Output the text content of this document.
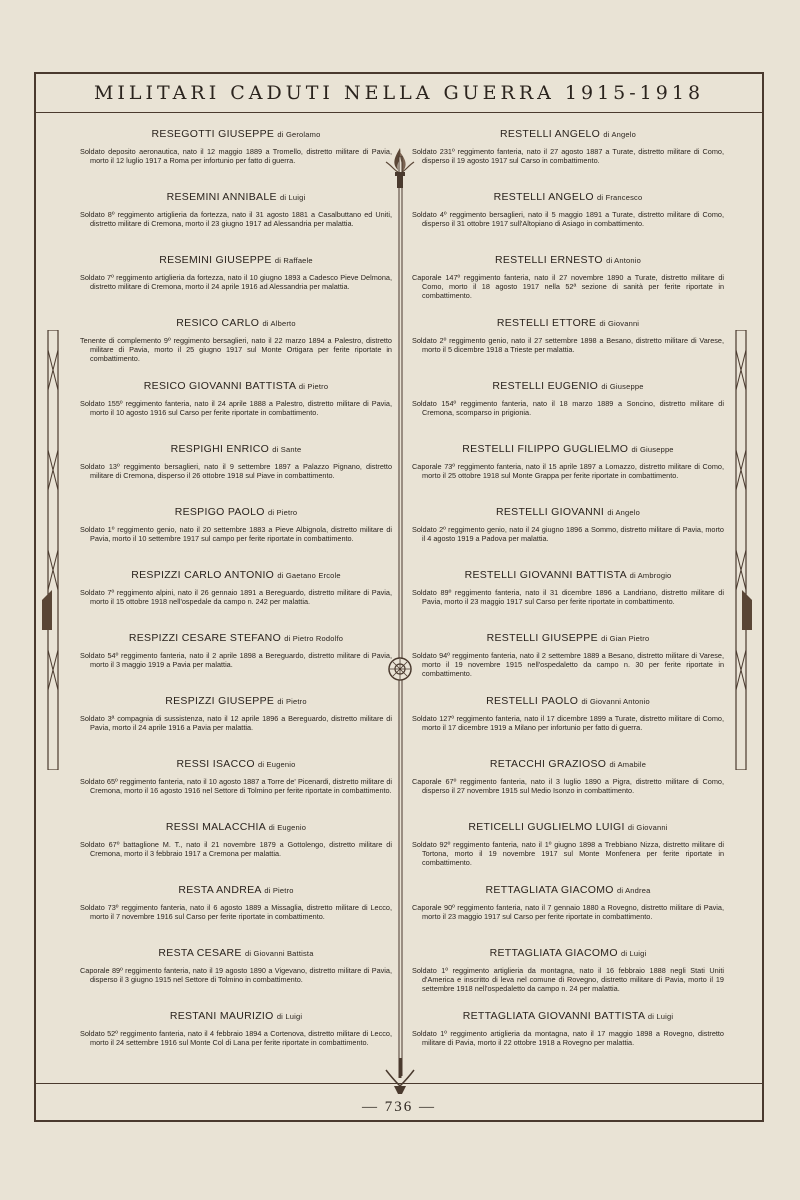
MILITARI CADUTI NELLA GUERRA 1915-1918
RESEGOTTI GIUSEPPE di Gerolamo
Soldato deposito aeronautica, nato il 12 maggio 1889 a Tromello, distretto militare di Pavia, morto il 12 luglio 1917 a Roma per infortunio per fatto di guerra.
RESEMINI ANNIBALE di Luigi
Soldato 8º reggimento artiglieria da fortezza, nato il 31 agosto 1881 a Casalbuttano ed Uniti, distretto militare di Cremona, morto il 23 giugno 1917 ad Alessandria per malattia.
RESEMINI GIUSEPPE di Raffaele
Soldato 7º reggimento artiglieria da fortezza, nato il 10 giugno 1893 a Cadesco Pieve Delmona, distretto militare di Cremona, morto il 24 aprile 1916 ad Alessandria per malattia.
RESICO CARLO di Alberto
Tenente di complemento 9º reggimento bersaglieri, nato il 22 marzo 1894 a Palestro, distretto militare di Pavia, morto il 25 giugno 1917 sul Monte Ortigara per ferite riportate in combattimento.
RESICO GIOVANNI BATTISTA di Pietro
Soldato 155º reggimento fanteria, nato il 24 aprile 1888 a Palestro, distretto militare di Pavia, morto il 10 agosto 1916 sul Carso per ferite riportate in combattimento.
RESPIGHI ENRICO di Sante
Soldato 13º reggimento bersaglieri, nato il 9 settembre 1897 a Palazzo Pignano, distretto militare di Cremona, disperso il 26 ottobre 1918 sul Piave in combattimento.
RESPIGO PAOLO di Pietro
Soldato 1º reggimento genio, nato il 20 settembre 1883 a Pieve Albignola, distretto militare di Pavia, morto il 10 settembre 1917 sul campo per ferite riportate in combattimento.
RESPIZZI CARLO ANTONIO di Gaetano Ercole
Soldato 7º reggimento alpini, nato il 26 gennaio 1891 a Bereguardo, distretto militare di Pavia, morto il 15 ottobre 1918 nell'ospedale da campo n. 242 per malattia.
RESPIZZI CESARE STEFANO di Pietro Rodolfo
Soldato 54º reggimento fanteria, nato il 2 aprile 1898 a Bereguardo, distretto militare di Pavia, morto il 3 maggio 1919 a Pavia per malattia.
RESPIZZI GIUSEPPE di Pietro
Soldato 3ª compagnia di sussistenza, nato il 12 aprile 1896 a Bereguardo, distretto militare di Pavia, morto il 24 aprile 1916 a Pavia per malattia.
RESSI ISACCO di Eugenio
Soldato 65º reggimento fanteria, nato il 10 agosto 1887 a Torre de' Picenardi, distretto militare di Cremona, morto il 16 agosto 1916 nel Settore di Tolmino per ferite riportate in combattimento.
RESSI MALACCHIA di Eugenio
Soldato 67º battaglione M. T., nato il 21 novembre 1879 a Gottolengo, distretto militare di Cremona, morto il 3 febbraio 1917 a Cremona per malattia.
RESTA ANDREA di Pietro
Soldato 73º reggimento fanteria, nato il 6 agosto 1889 a Missaglia, distretto militare di Lecco, morto il 7 novembre 1916 sul Carso per ferite riportate in combattimento.
RESTA CESARE di Giovanni Battista
Caporale 89º reggimento fanteria, nato il 19 agosto 1890 a Vigevano, distretto militare di Pavia, disperso il 3 giugno 1915 nel Settore di Tolmino in combattimento.
RESTANI MAURIZIO di Luigi
Soldato 52º reggimento fanteria, nato il 4 febbraio 1894 a Cortenova, distretto militare di Lecco, morto il 24 settembre 1916 sul Monte Col di Lana per ferite riportate in combattimento.
RESTELLI ANGELO di Angelo
Soldato 231º reggimento fanteria, nato il 27 agosto 1887 a Turate, distretto militare di Como, disperso il 19 agosto 1917 sul Carso in combattimento.
RESTELLI ANGELO di Francesco
Soldato 4º reggimento bersaglieri, nato il 5 maggio 1891 a Turate, distretto militare di Como, disperso il 31 ottobre 1917 sull'Altopiano di Asiago in combattimento.
RESTELLI ERNESTO di Antonio
Caporale 147º reggimento fanteria, nato il 27 novembre 1890 a Turate, distretto militare di Como, morto il 18 agosto 1917 nella 52ª sezione di sanità per ferite riportate in combattimento.
RESTELLI ETTORE di Giovanni
Soldato 2º reggimento genio, nato il 27 settembre 1898 a Besano, distretto militare di Varese, morto il 5 dicembre 1918 a Trieste per malattia.
RESTELLI EUGENIO di Giuseppe
Soldato 154º reggimento fanteria, nato il 18 marzo 1889 a Soncino, distretto militare di Cremona, scomparso in prigionia.
RESTELLI FILIPPO GUGLIELMO di Giuseppe
Caporale 73º reggimento fanteria, nato il 15 aprile 1897 a Lomazzo, distretto militare di Como, morto il 25 ottobre 1918 sul Monte Grappa per ferite riportate in combattimento.
RESTELLI GIOVANNI di Angelo
Soldato 2º reggimento genio, nato il 24 giugno 1896 a Sommo, distretto militare di Pavia, morto il 4 agosto 1919 a Padova per malattia.
RESTELLI GIOVANNI BATTISTA di Ambrogio
Soldato 89º reggimento fanteria, nato il 31 dicembre 1896 a Landriano, distretto militare di Pavia, morto il 23 maggio 1917 sul Carso per ferite riportate in combattimento.
RESTELLI GIUSEPPE di Gian Pietro
Soldato 94º reggimento fanteria, nato il 2 settembre 1889 a Besano, distretto militare di Varese, morto il 19 novembre 1915 nell'ospedaletto da campo n. 30 per ferite riportate in combattimento.
RESTELLI PAOLO di Giovanni Antonio
Soldato 127º reggimento fanteria, nato il 17 dicembre 1899 a Turate, distretto militare di Como, morto il 17 dicembre 1919 a Milano per infortunio per fatto di guerra.
RETACCHI GRAZIOSO di Amabile
Caporale 67º reggimento fanteria, nato il 3 luglio 1890 a Pigra, distretto militare di Como, disperso il 27 novembre 1915 sul Medio Isonzo in combattimento.
RETICELLI GUGLIELMO LUIGI di Giovanni
Soldato 92º reggimento fanteria, nato il 1º giugno 1898 a Trebbiano Nizza, distretto militare di Tortona, morto il 19 novembre 1917 sul Monte Monfenera per ferite riportate in combattimento.
RETTAGLIATA GIACOMO di Andrea
Caporale 90º reggimento fanteria, nato il 7 gennaio 1880 a Rovegno, distretto militare di Pavia, morto il 23 maggio 1917 sul Carso per ferite riportate in combattimento.
RETTAGLIATA GIACOMO di Luigi
Soldato 1º reggimento artiglieria da montagna, nato il 16 febbraio 1888 negli Stati Uniti d'America e inscritto di leva nel comune di Rovegno, distretto militare di Pavia, morto il 19 settembre 1918 nell'ospedaletto da campo n. 24 per malattia.
RETTAGLIATA GIOVANNI BATTISTA di Luigi
Soldato 1º reggimento artiglieria da montagna, nato il 17 maggio 1898 a Rovegno, distretto militare di Pavia, morto il 22 ottobre 1918 a Rovegno per malattia.
— 736 —
